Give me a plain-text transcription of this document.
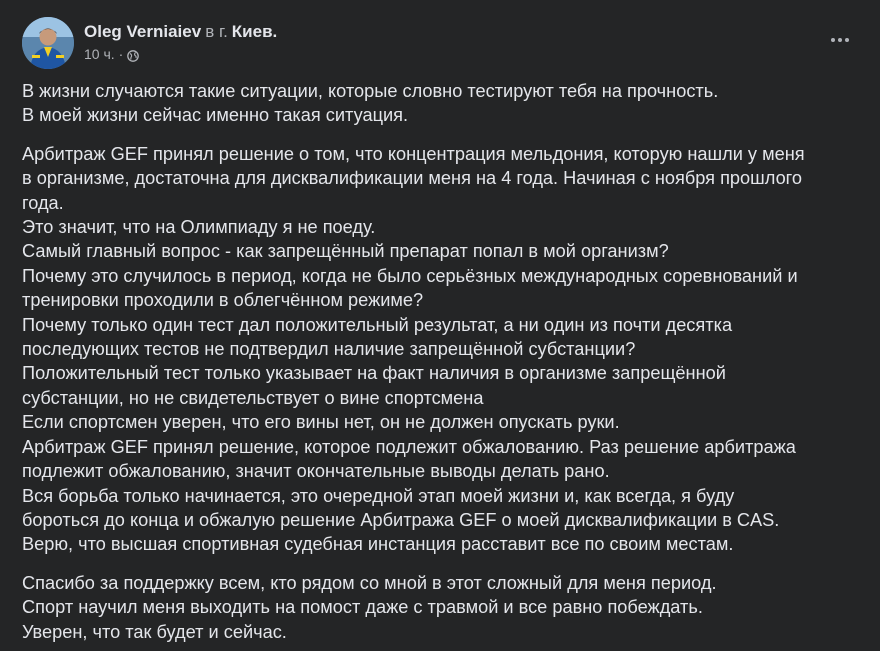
Oleg Verniaiev в г. Киев.
10 ч. ·

В жизни случаются такие ситуации, которые словно тестируют тебя на прочность.
В моей жизни сейчас именно такая ситуация.

Арбитраж GEF принял решение о том, что концентрация мельдония, которую нашли у меня
в организме, достаточна для дисквалификации меня на 4 года. Начиная с ноября прошлого
года.
Это значит, что на Олимпиаду я не поеду.
Самый главный вопрос - как запрещённый препарат попал в мой организм?
Почему это случилось в период, когда не было серьёзных международных соревнований и
тренировки проходили в облегчённом режиме?
Почему только один тест дал положительный результат, а ни один из почти десятка
последующих тестов не подтвердил наличие запрещённой субстанции?
Положительный тест только указывает на факт наличия в организме запрещённой
субстанции, но не свидетельствует о вине спортсмена
Если спортсмен уверен, что его вины нет, он не должен опускать руки.
Арбитраж GEF принял решение, которое подлежит обжалованию. Раз решение арбитража
подлежит обжалованию, значит окончательные выводы делать рано.
Вся борьба только начинается, это очередной этап моей жизни и, как всегда, я буду
бороться до конца и обжалую решение Арбитража GEF о моей дисквалификации в CAS.
Верю, что высшая спортивная судебная инстанция расставит все по своим местам.

Спасибо за поддержку всем, кто рядом со мной в этот сложный для меня период.
Спорт научил меня выходить на помост даже с травмой и все равно побеждать.
Уверен, что так будет и сейчас.
